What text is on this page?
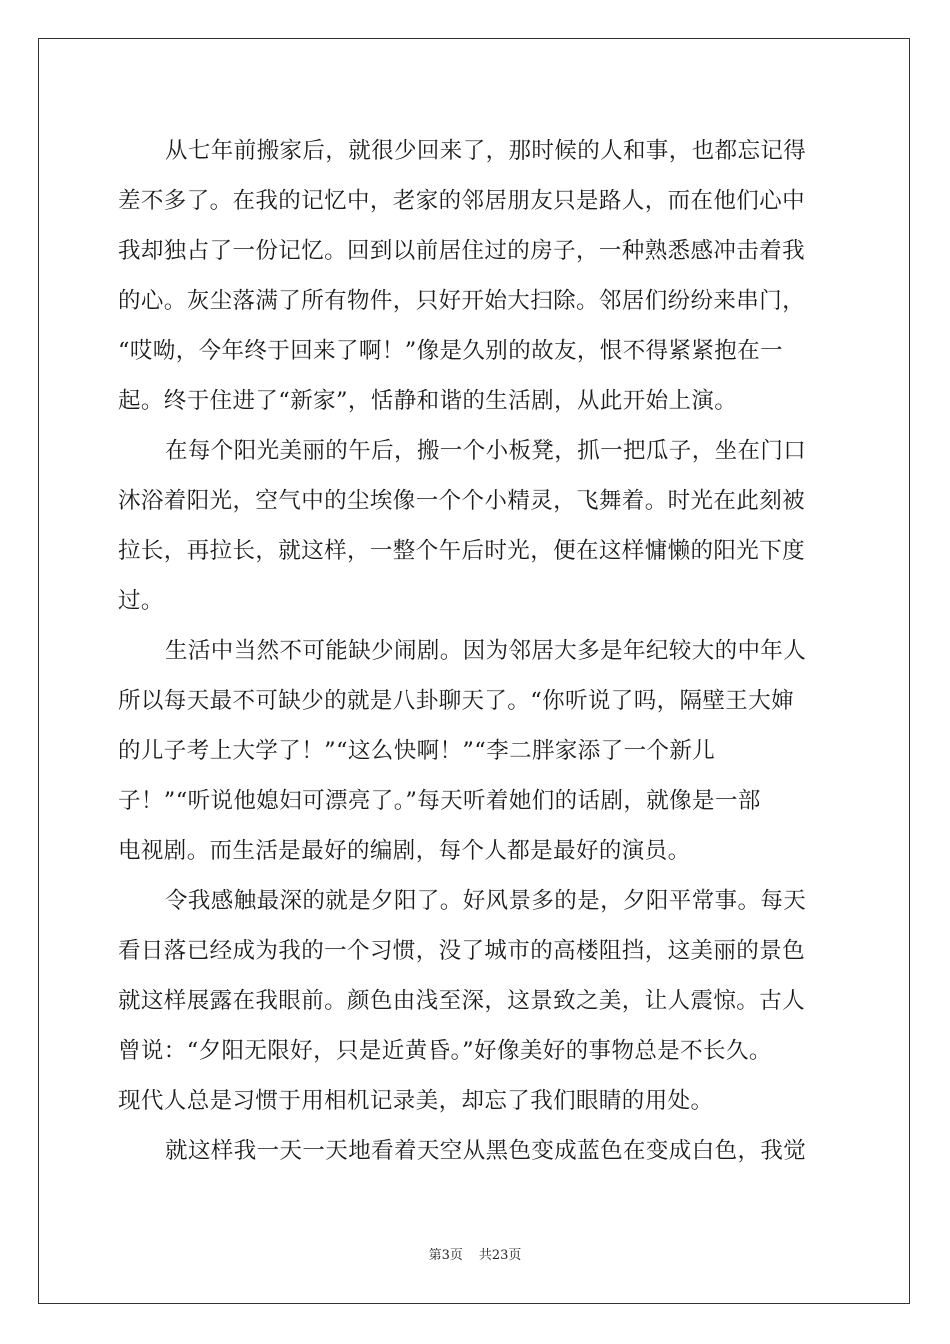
从七年前搬家后，就很少回来了，那时候的人和事，也都忘记得
差不多了。在我的记忆中，老家的邻居朋友只是路人，而在他们心中
我却独占了一份记忆。回到以前居住过的房子，一种熟悉感冲击着我
的心。灰尘落满了所有物件，只好开始大扫除。邻居们纷纷来串门，
“哎呦，今年终于回来了啊！”像是久别的故友，恨不得紧紧抱在一
起。终于住进了“新家”，恬静和谐的生活剧，从此开始上演。
在每个阳光美丽的午后，搬一个小板凳，抓一把瓜子，坐在门口
沐浴着阳光，空气中的尘埃像一个个小精灵，飞舞着。时光在此刻被
拉长，再拉长，就这样，一整个午后时光，便在这样慵懒的阳光下度
过。
生活中当然不可能缺少闹剧。因为邻居大多是年纪较大的中年人
所以每天最不可缺少的就是八卦聊天了。“你听说了吗，隔壁王大婶
的儿子考上大学了！”“这么快啊！”“李二胖家添了一个新儿
子！”“听说他媳妇可漂亮了。”每天听着她们的话剧，就像是一部
电视剧。而生活是最好的编剧，每个人都是最好的演员。
令我感触最深的就是夕阳了。好风景多的是，夕阳平常事。每天
看日落已经成为我的一个习惯，没了城市的高楼阻挡，这美丽的景色
就这样展露在我眼前。颜色由浅至深，这景致之美，让人震惊。古人
曾说：“夕阳无限好，只是近黄昏。”好像美好的事物总是不长久。
现代人总是习惯于用相机记录美，却忘了我们眼睛的用处。
就这样我一天一天地看着天空从黑色变成蓝色在变成白色，我觉
第3页 共23页
